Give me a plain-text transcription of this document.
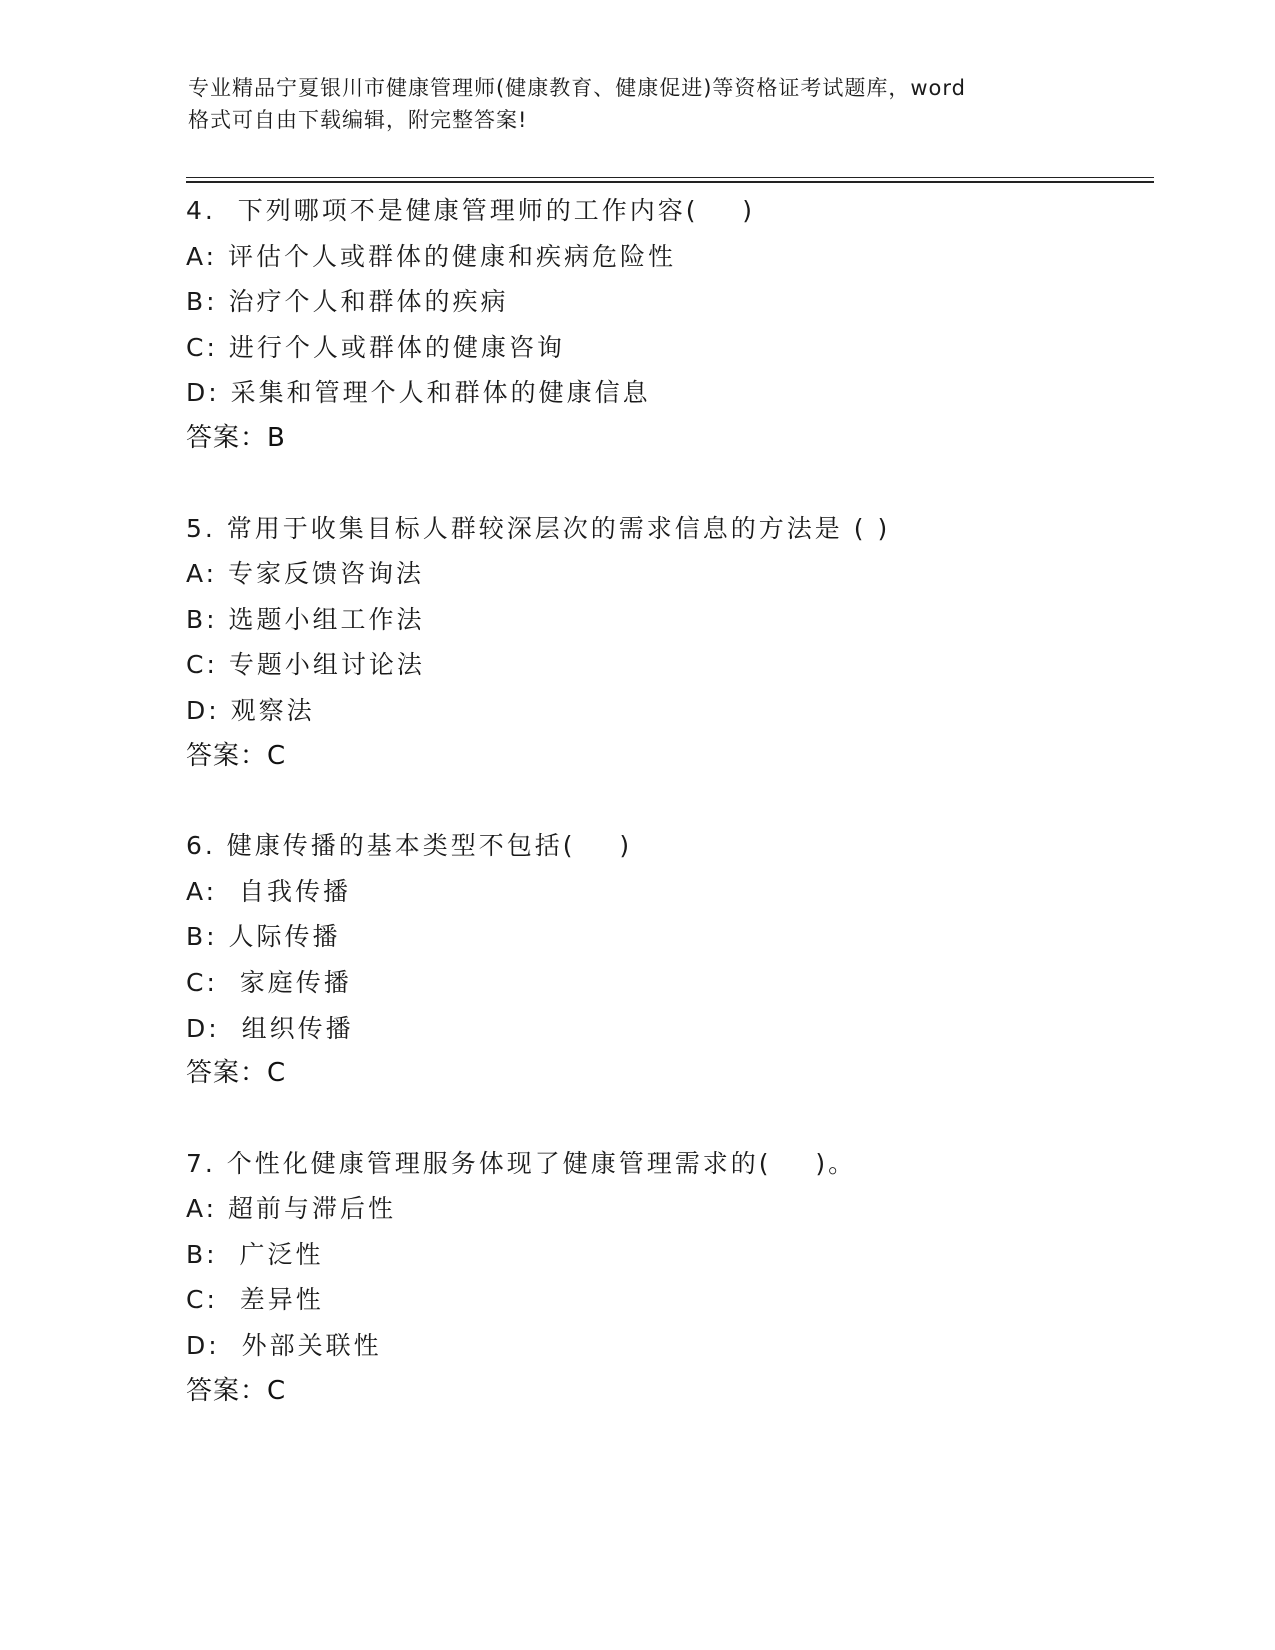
专业精品宁夏银川市健康管理师(健康教育、健康促进)等资格证考试题库，word
格式可自由下载编辑，附完整答案!
4.  下列哪项不是健康管理师的工作内容(    )
A: 评估个人或群体的健康和疾病危险性
B: 治疗个人和群体的疾病
C: 进行个人或群体的健康咨询
D: 采集和管理个人和群体的健康信息
答案：B
5. 常用于收集目标人群较深层次的需求信息的方法是 ( )
A: 专家反馈咨询法
B: 选题小组工作法
C: 专题小组讨论法
D: 观察法
答案：C
6. 健康传播的基本类型不包括(    )
A:  自我传播
B: 人际传播
C:  家庭传播
D:  组织传播
答案：C
7. 个性化健康管理服务体现了健康管理需求的(    )。
A: 超前与滞后性
B:  广泛性
C:  差异性
D:  外部关联性
答案：C
